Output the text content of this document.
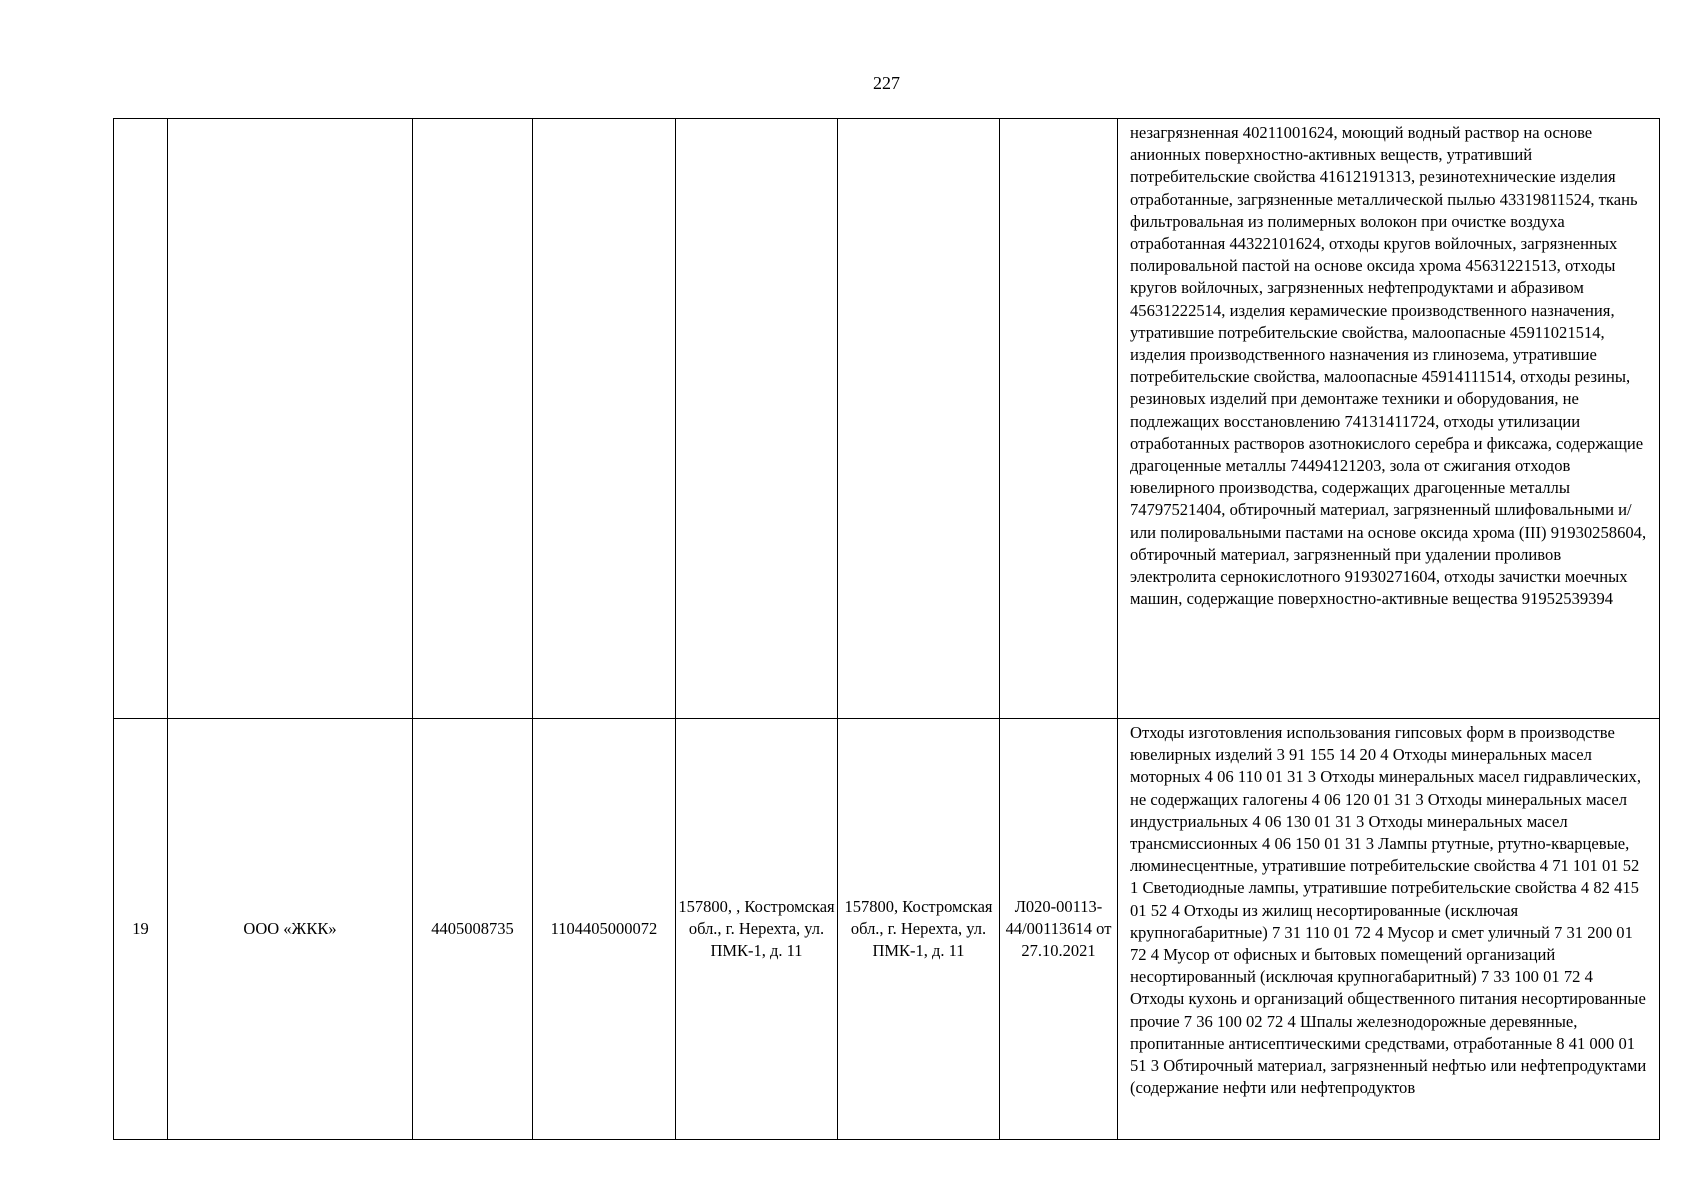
227
							незагрязненная 40211001624, моющий водный раствор на основе анионных поверхностно-активных веществ, утративший потребительские свойства 41612191313, резинотехнические изделия отработанные, загрязненные металлической пылью 43319811524, ткань фильтровальная из полимерных волокон при очистке воздуха отработанная 44322101624, отходы кругов войлочных, загрязненных полировальной пастой на основе оксида хрома 45631221513, отходы кругов войлочных, загрязненных нефтепродуктами и абразивом 45631222514, изделия керамические производственного назначения, утратившие потребительские свойства, малоопасные 45911021514, изделия производственного назначения из глинозема, утратившие потребительские свойства, малоопасные 45914111514, отходы резины, резиновых изделий при демонтаже техники и оборудования, не подлежащих восстановлению 74131411724, отходы утилизации отработанных растворов азотнокислого серебра и фиксажа, содержащие драгоценные металлы 74494121203, зола от сжигания отходов ювелирного производства, содержащих драгоценные металлы 74797521404, обтирочный материал, загрязненный шлифовальными и/или полировальными пастами на основе оксида хрома (III) 91930258604, обтирочный материал, загрязненный при удалении проливов электролита сернокислотного 91930271604, отходы зачистки моечных машин, содержащие поверхностно-активные вещества 91952539394
19	ООО «ЖКК»	4405008735	1104405000072	157800, , Костромская обл., г. Нерехта, ул. ПМК-1, д. 11	157800, Костромская обл., г. Нерехта, ул. ПМК-1, д. 11	Л020-00113-44/00113614 от 27.10.2021	Отходы изготовления использования гипсовых форм в производстве ювелирных изделий 3 91 155 14 20 4 Отходы минеральных масел моторных 4 06 110 01 31 3 Отходы минеральных масел гидравлических, не содержащих галогены 4 06 120 01 31 3 Отходы минеральных масел индустриальных 4 06 130 01 31 3 Отходы минеральных масел трансмиссионных 4 06 150 01 31 3 Лампы ртутные, ртутно-кварцевые, люминесцентные, утратившие потребительские свойства 4 71 101 01 52 1 Светодиодные лампы, утратившие потребительские свойства 4 82 415 01 52 4 Отходы из жилищ несортированные (исключая крупногабаритные) 7 31 110 01 72 4 Мусор и смет уличный 7 31 200 01 72 4 Мусор от офисных и бытовых помещений организаций несортированный (исключая крупногабаритный) 7 33 100 01 72 4 Отходы кухонь и организаций общественного питания несортированные прочие 7 36 100 02 72 4 Шпалы железнодорожные деревянные, пропитанные антисептическими средствами, отработанные 8 41 000 01 51 3 Обтирочный материал, загрязненный нефтью или нефтепродуктами (содержание нефти или нефтепродуктов
